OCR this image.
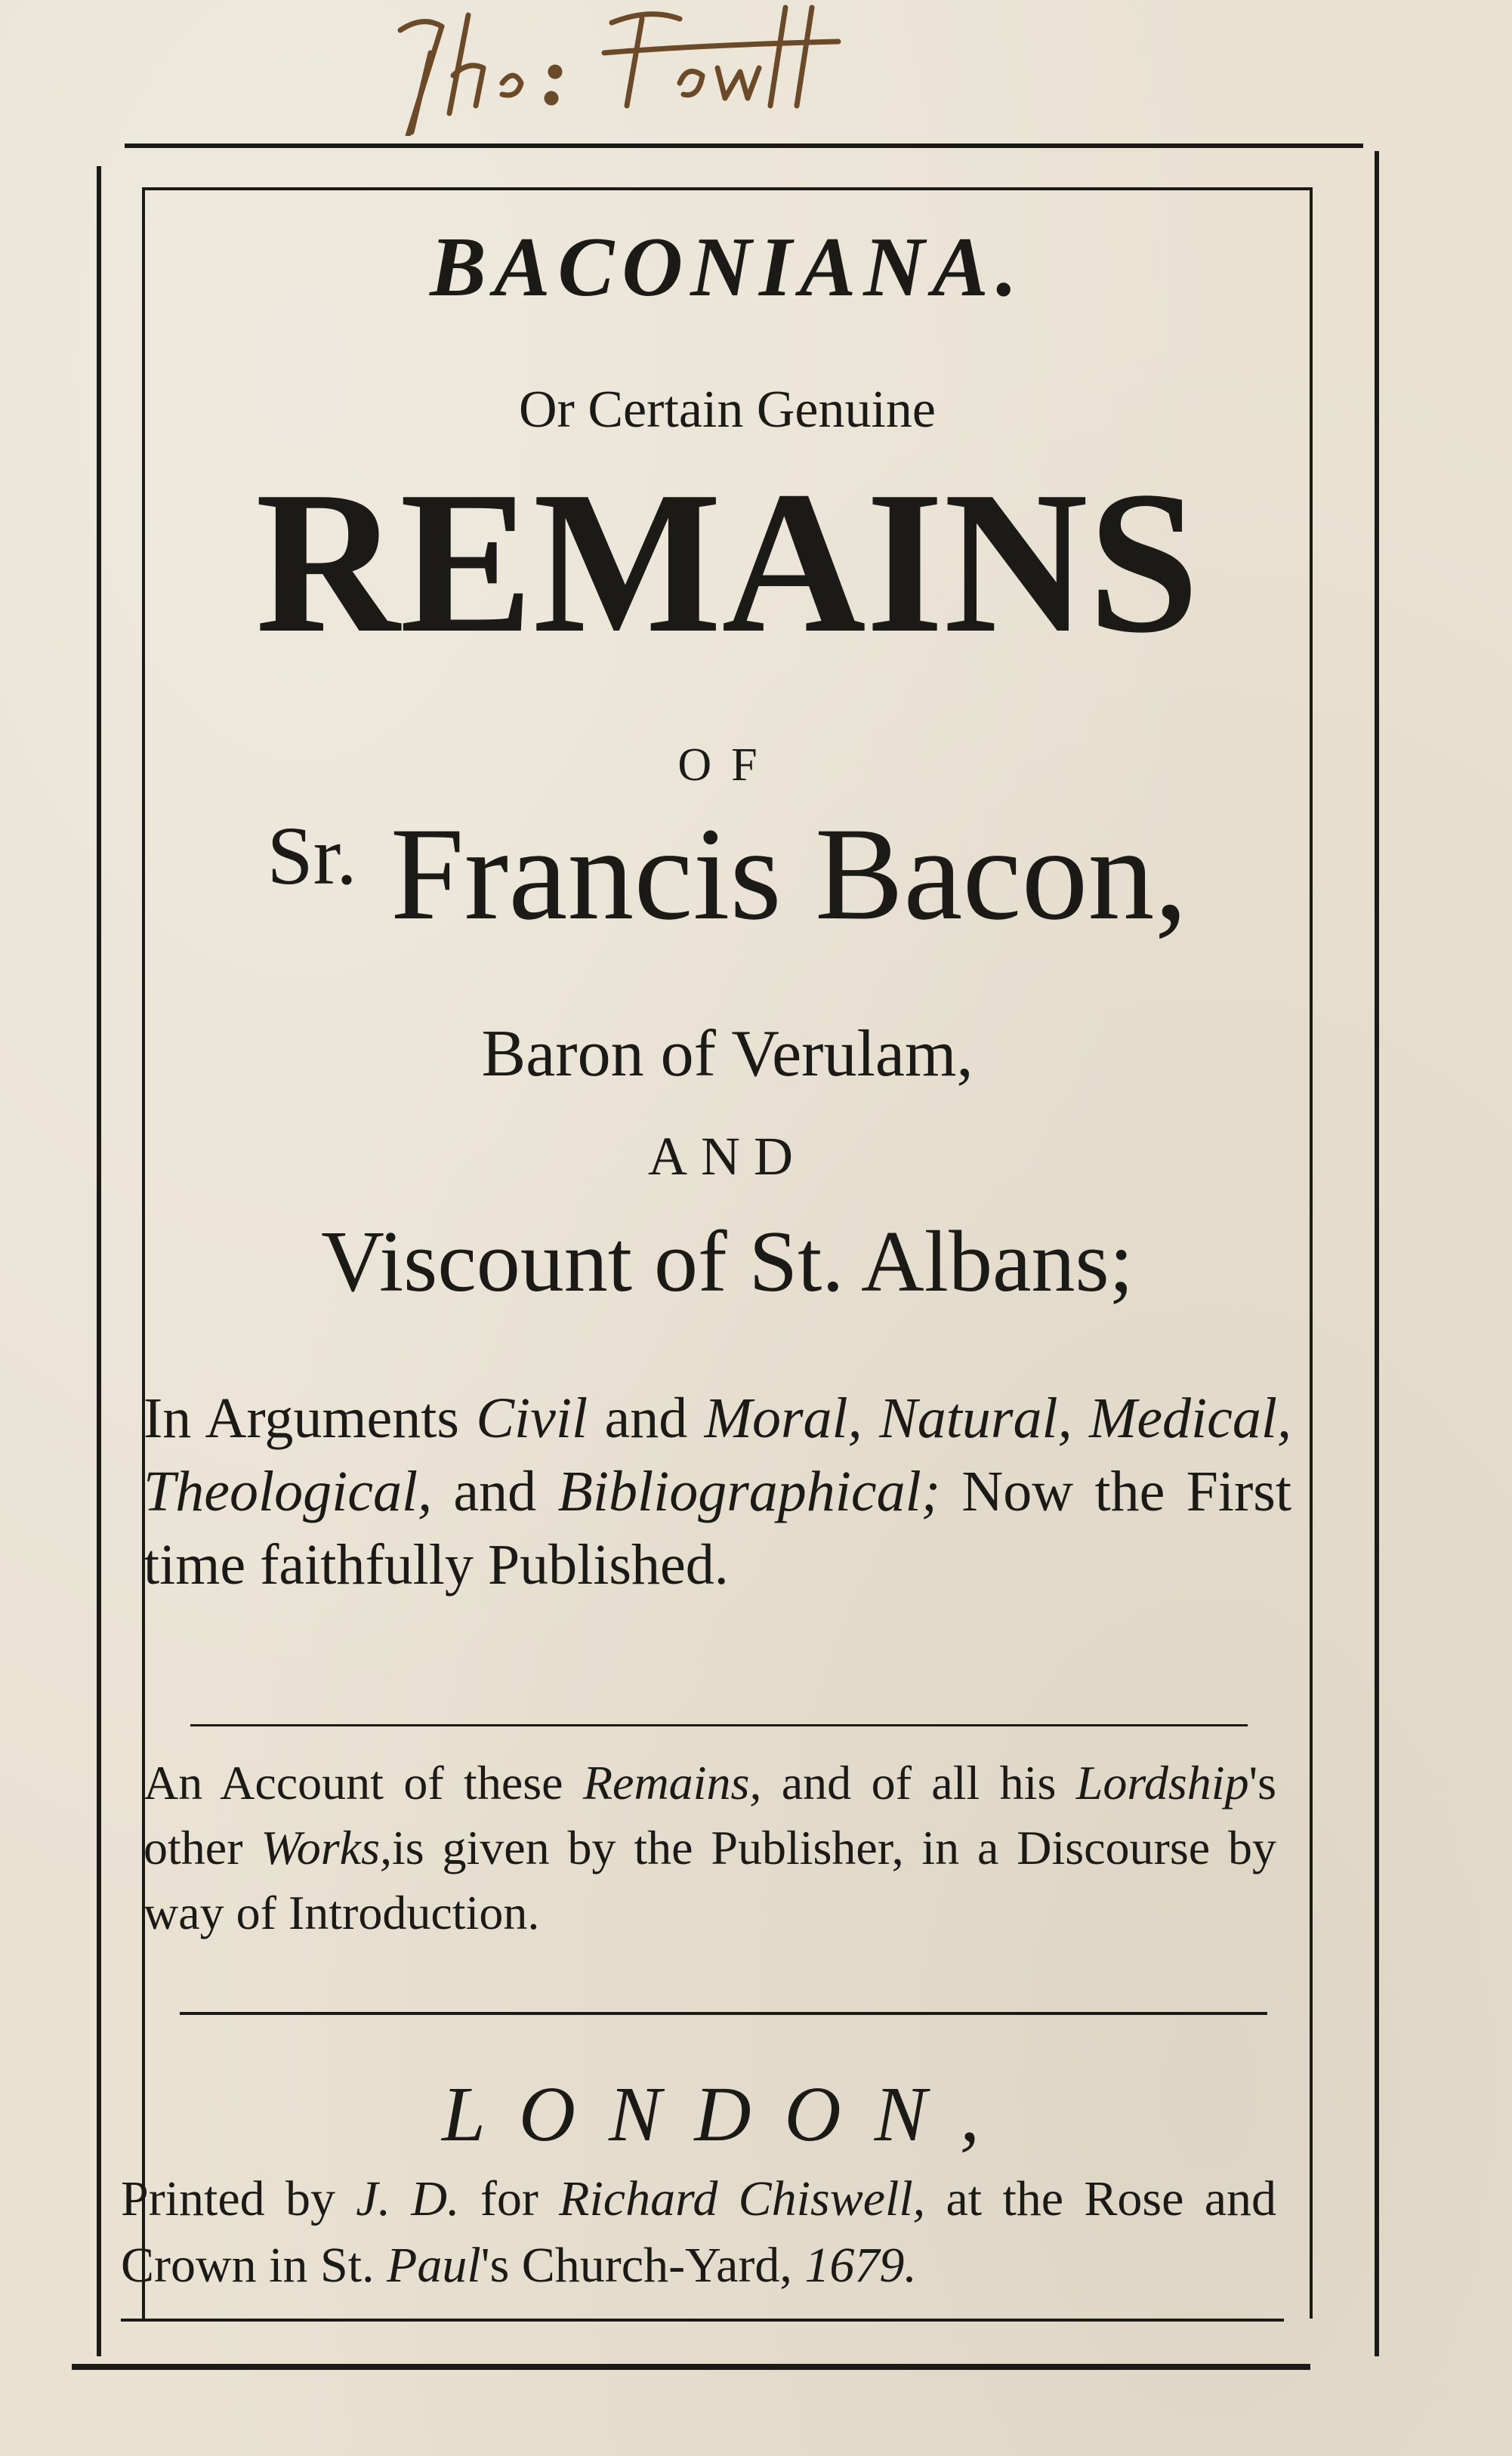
BACONIANA.
Or Certain Genuine
REMAINS
OF
$^{Sr.}$ Francis Bacon,
Baron of Verulam,
AND
Viscount of St. Albans;
In Arguments Civil and Moral, Natural, Medical, Theological, and Bibliographical; Now the First time faithfully Published.
An Account of these Remains, and of all his Lordship's other Works,is given by the Publisher, in a Discourse by way of Introduction.
LONDON,
Printed by J. D. for Richard Chiswell, at the Rose and Crown in St. Paul's Church-Yard, 1679.
